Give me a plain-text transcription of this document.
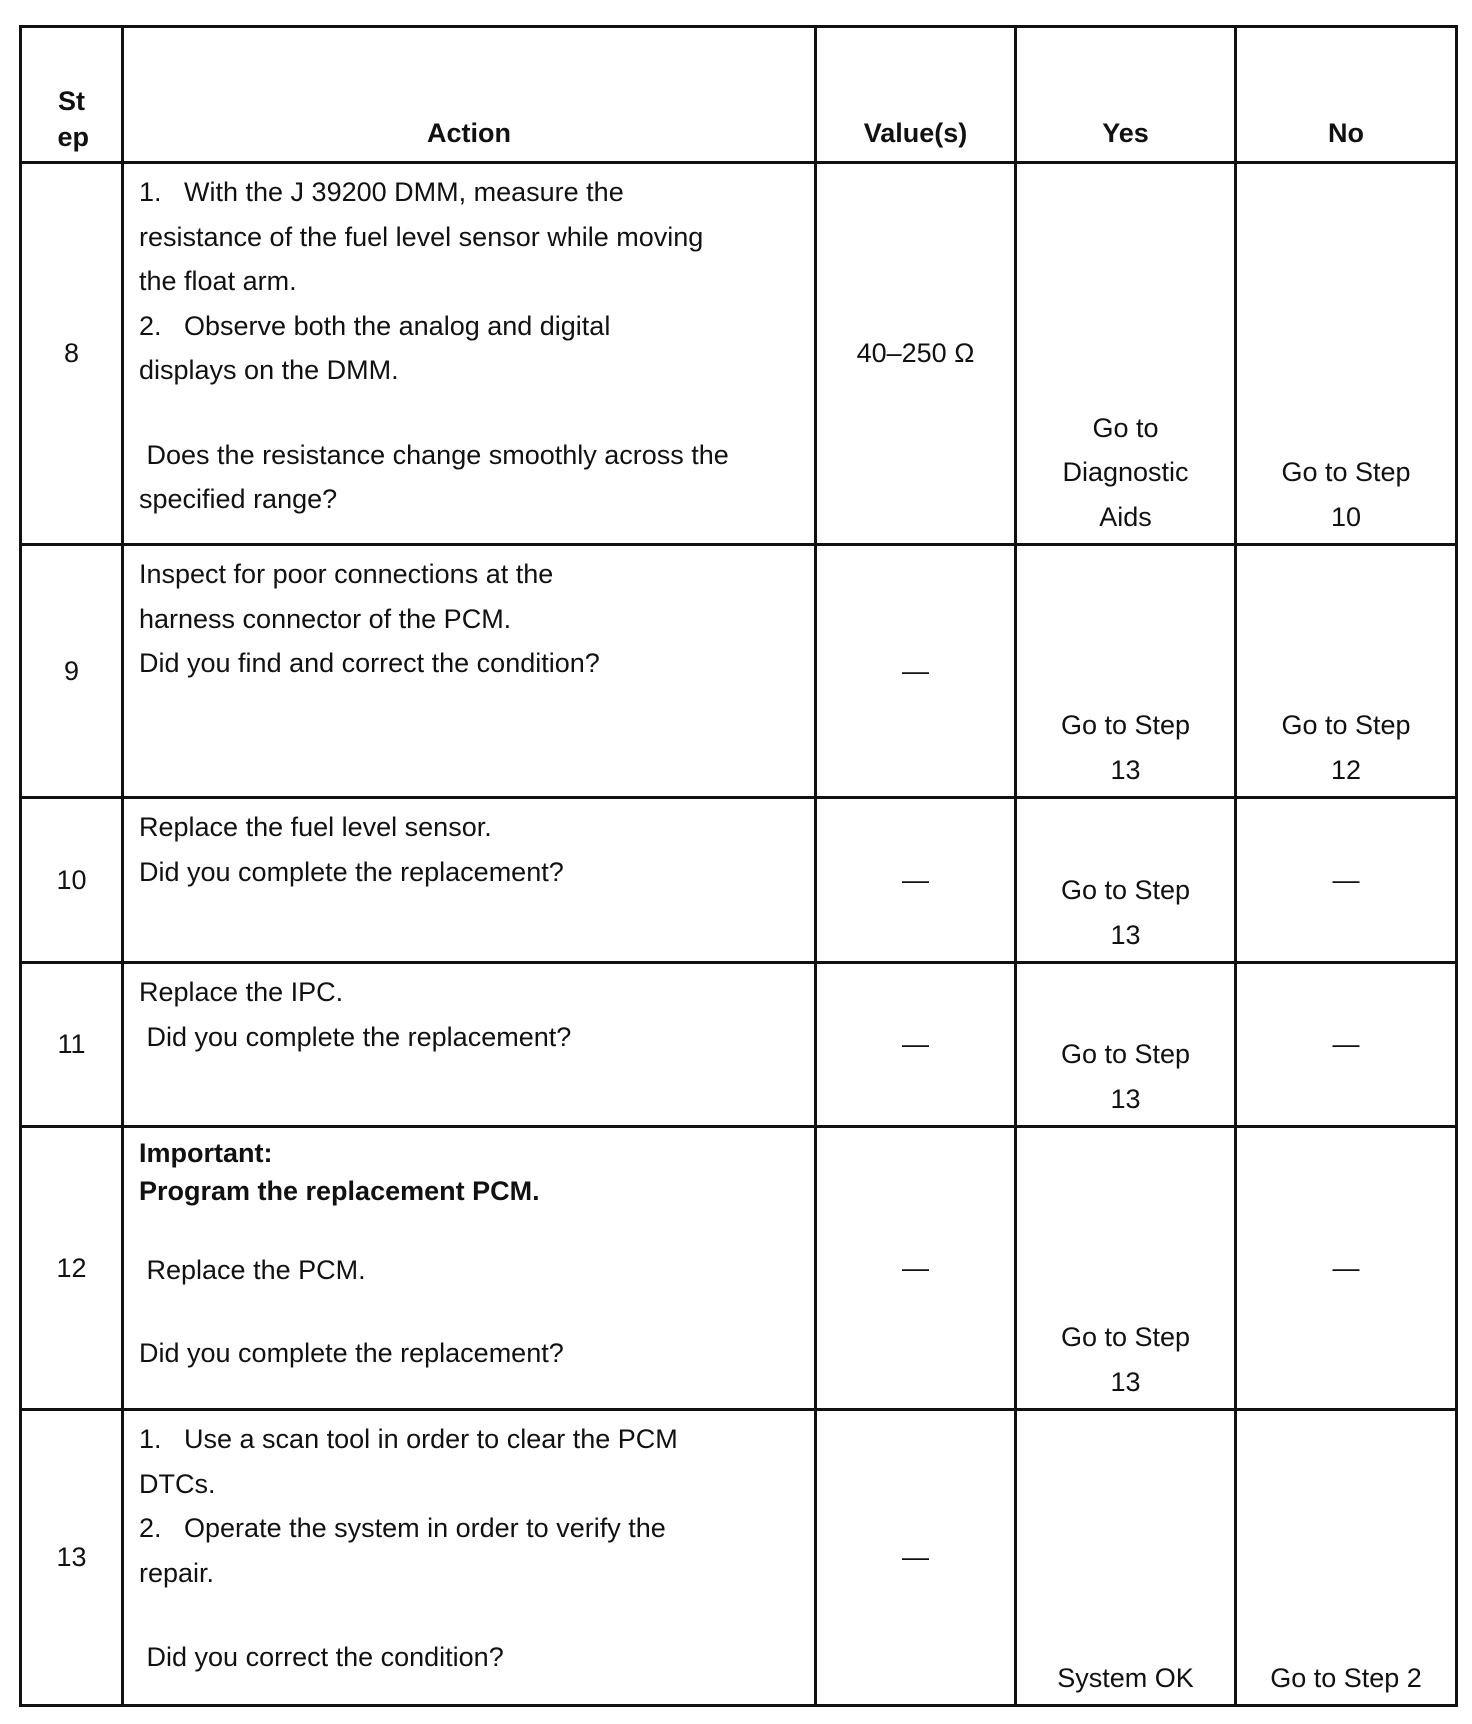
St ep	Action	Value(s)	Yes	No
8	1.   With the J 39200 DMM, measure the resistance of the fuel level sensor while moving the float arm.
2.   Observe both the analog and digital displays on the DMM.
Does the resistance change smoothly across the specified range?	40–250 Ω	Go to Diagnostic Aids	Go to Step 10

9	Inspect for poor connections at the harness connector of the PCM.
Did you find and correct the condition?	—	Go to Step 13	Go to Step 12

10	Replace the fuel level sensor.
Did you complete the replacement?	—	Go to Step 13	—
11	Replace the IPC.
Did you complete the replacement?	—	Go to Step 13	—
12	Important:
Program the replacement PCM.
Replace the PCM.
Did you complete the replacement?	—	Go to Step 13	—
13	1.   Use a scan tool in order to clear the PCM DTCs.
2.   Operate the system in order to verify the repair.
Did you correct the condition?	—	System OK	Go to Step 2
